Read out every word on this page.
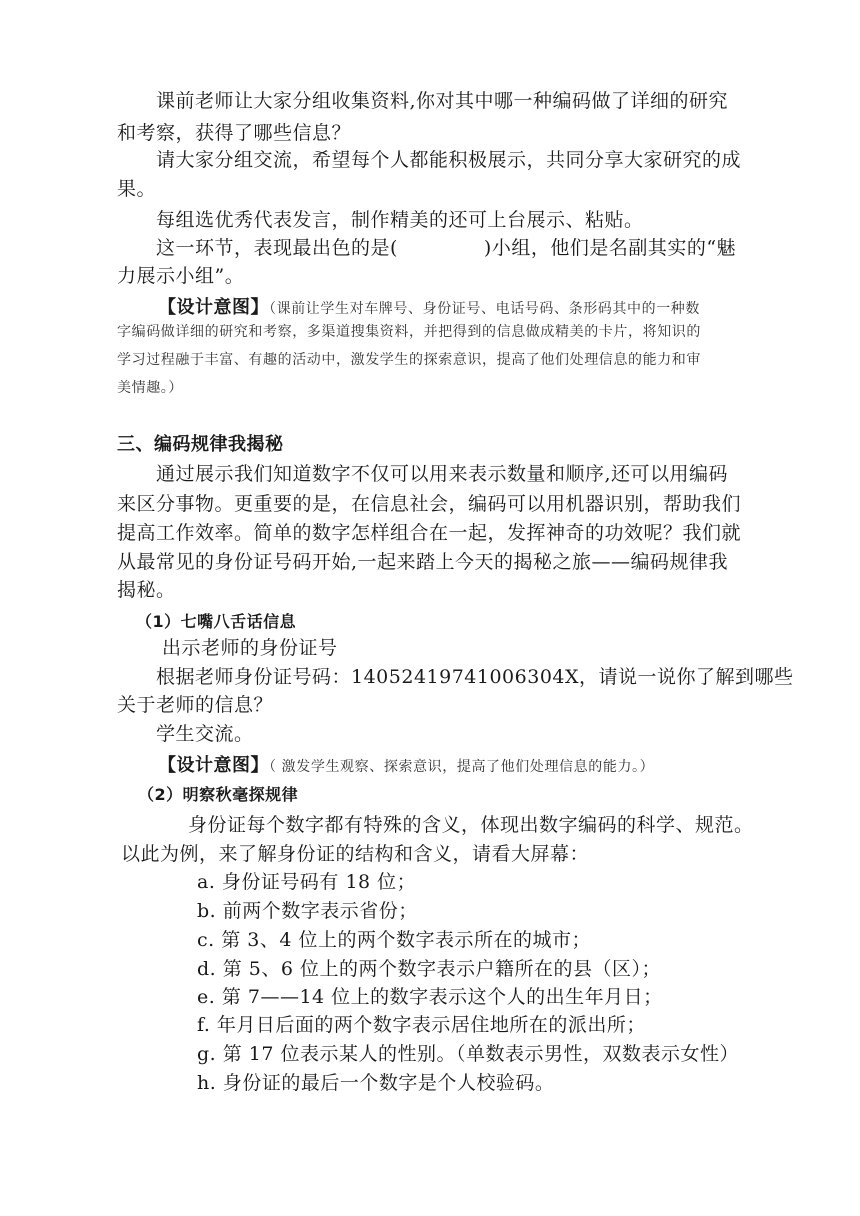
课前老师让大家分组收集资料,你对其中哪一种编码做了详细的研究
和考察，获得了哪些信息？
请大家分组交流，希望每个人都能积极展示，共同分享大家研究的成
果。
每组选优秀代表发言，制作精美的还可上台展示、粘贴。
这一环节，表现最出色的是(	)小组，他们是名副其实的“魅
力展示小组”。
【设计意图】（课前让学生对车牌号、身份证号、电话号码、条形码其中的一种数
字编码做详细的研究和考察，多渠道搜集资料，并把得到的信息做成精美的卡片，将知识的
学习过程融于丰富、有趣的活动中，激发学生的探索意识，提高了他们处理信息的能力和审
美情趣。）
三、编码规律我揭秘
通过展示我们知道数字不仅可以用来表示数量和顺序,还可以用编码
来区分事物。更重要的是，在信息社会，编码可以用机器识别，帮助我们
提高工作效率。简单的数字怎样组合在一起，发挥神奇的功效呢？我们就
从最常见的身份证号码开始,一起来踏上今天的揭秘之旅——编码规律我
揭秘。
（1）七嘴八舌话信息
出示老师的身份证号
根据老师身份证号码：14052419741006304X，请说一说你了解到哪些
关于老师的信息？
学生交流。
【设计意图】（ 激发学生观察、探索意识，提高了他们处理信息的能力。）
（2）明察秋毫探规律
身份证每个数字都有特殊的含义，体现出数字编码的科学、规范。
以此为例，来了解身份证的结构和含义，请看大屏幕：
a. 身份证号码有 18 位；
b. 前两个数字表示省份；
c. 第 3、4 位上的两个数字表示所在的城市；
d. 第 5、6 位上的两个数字表示户籍所在的县（区）；
e. 第 7——14 位上的数字表示这个人的出生年月日；
f. 年月日后面的两个数字表示居住地所在的派出所；
g. 第 17 位表示某人的性别。（单数表示男性，双数表示女性）
h. 身份证的最后一个数字是个人校验码。
